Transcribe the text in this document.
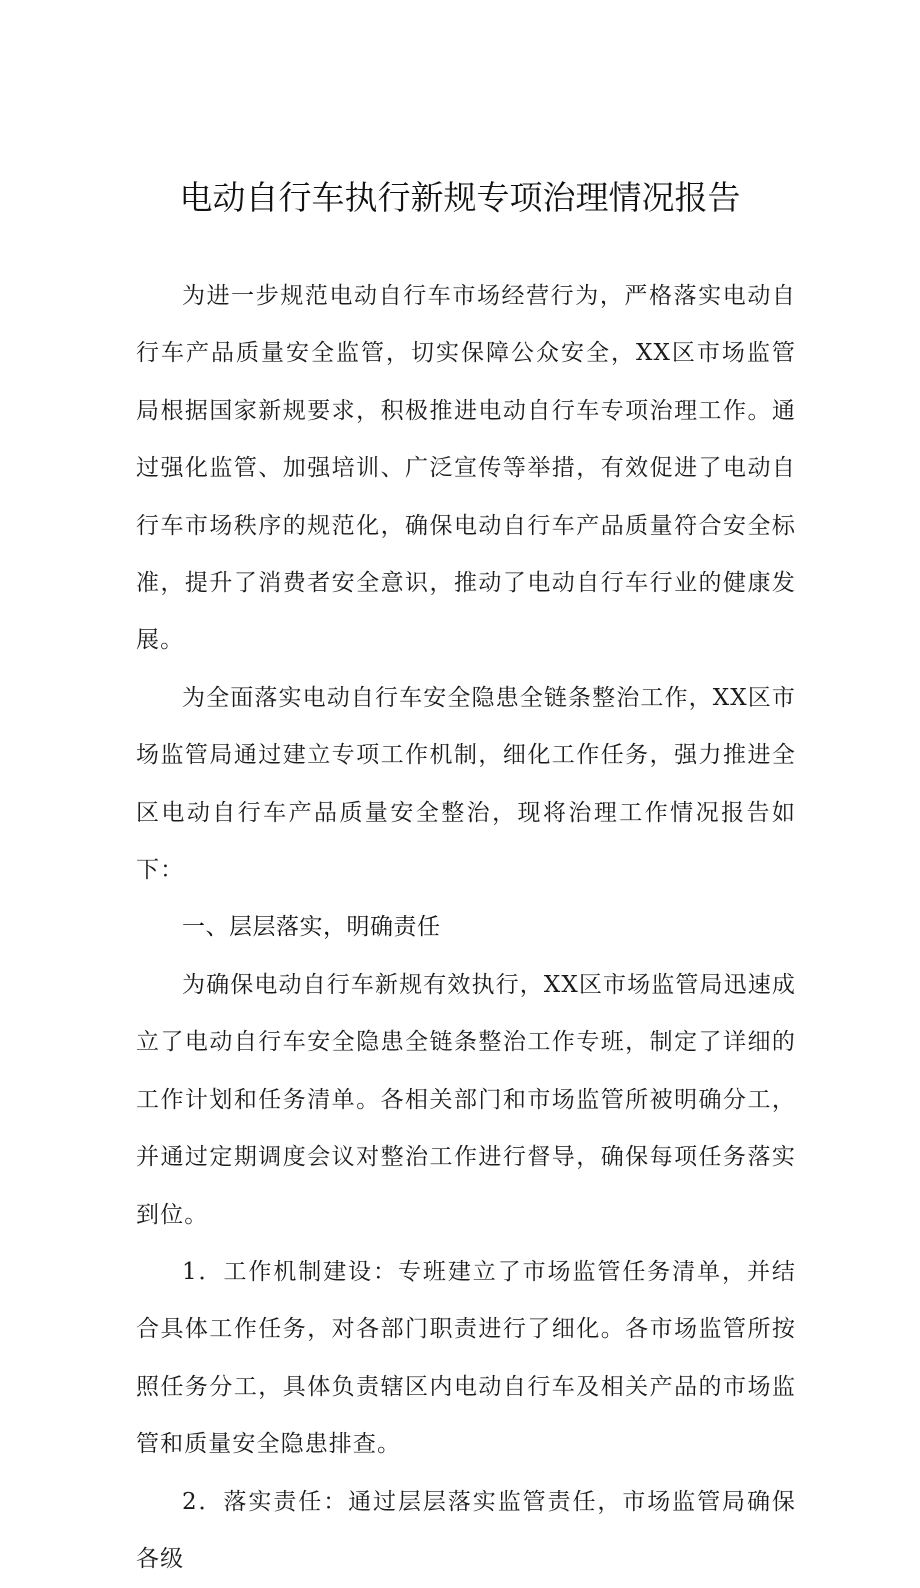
电动自行车执行新规专项治理情况报告

为进一步规范电动自行车市场经营行为，严格落实电动自行车产品质量安全监管，切实保障公众安全，XX区市场监管局根据国家新规要求，积极推进电动自行车专项治理工作。通过强化监管、加强培训、广泛宣传等举措，有效促进了电动自行车市场秩序的规范化，确保电动自行车产品质量符合安全标准，提升了消费者安全意识，推动了电动自行车行业的健康发展。

为全面落实电动自行车安全隐患全链条整治工作，XX区市场监管局通过建立专项工作机制，细化工作任务，强力推进全区电动自行车产品质量安全整治，现将治理工作情况报告如下：

一、层层落实，明确责任

为确保电动自行车新规有效执行，XX区市场监管局迅速成立了电动自行车安全隐患全链条整治工作专班，制定了详细的工作计划和任务清单。各相关部门和市场监管所被明确分工，并通过定期调度会议对整治工作进行督导，确保每项任务落实到位。

1．工作机制建设：专班建立了市场监管任务清单，并结合具体工作任务，对各部门职责进行了细化。各市场监管所按照任务分工，具体负责辖区内电动自行车及相关产品的市场监管和质量安全隐患排查。

2．落实责任：通过层层落实监管责任，市场监管局确保各级
